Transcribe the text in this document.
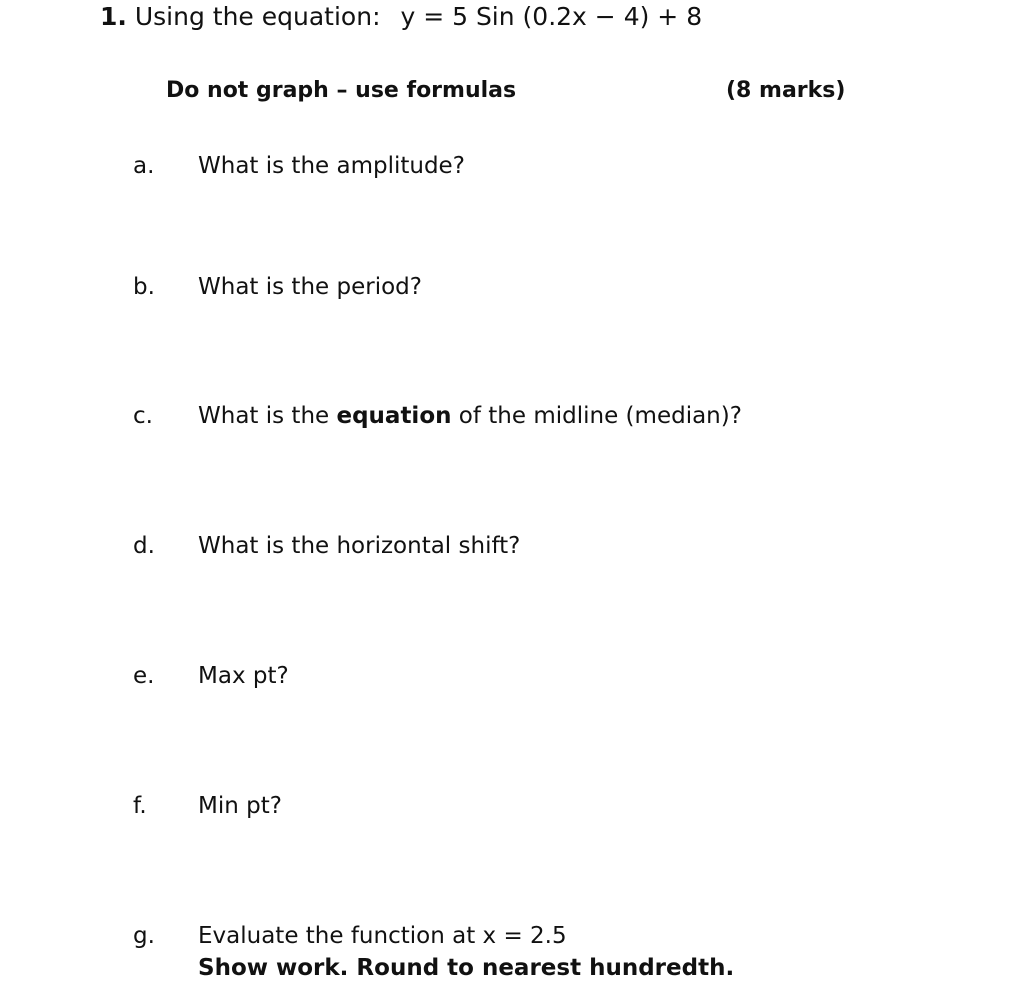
1. Using the equation: y = 5 Sin (0.2x − 4) + 8
Do not graph – use formulas	(8 marks)
a. What is the amplitude?
b. What is the period?
c. What is the equation of the midline (median)?
d. What is the horizontal shift?
e. Max pt?
f. Min pt?
g. Evaluate the function at x = 2.5
Show work. Round to nearest hundredth.
